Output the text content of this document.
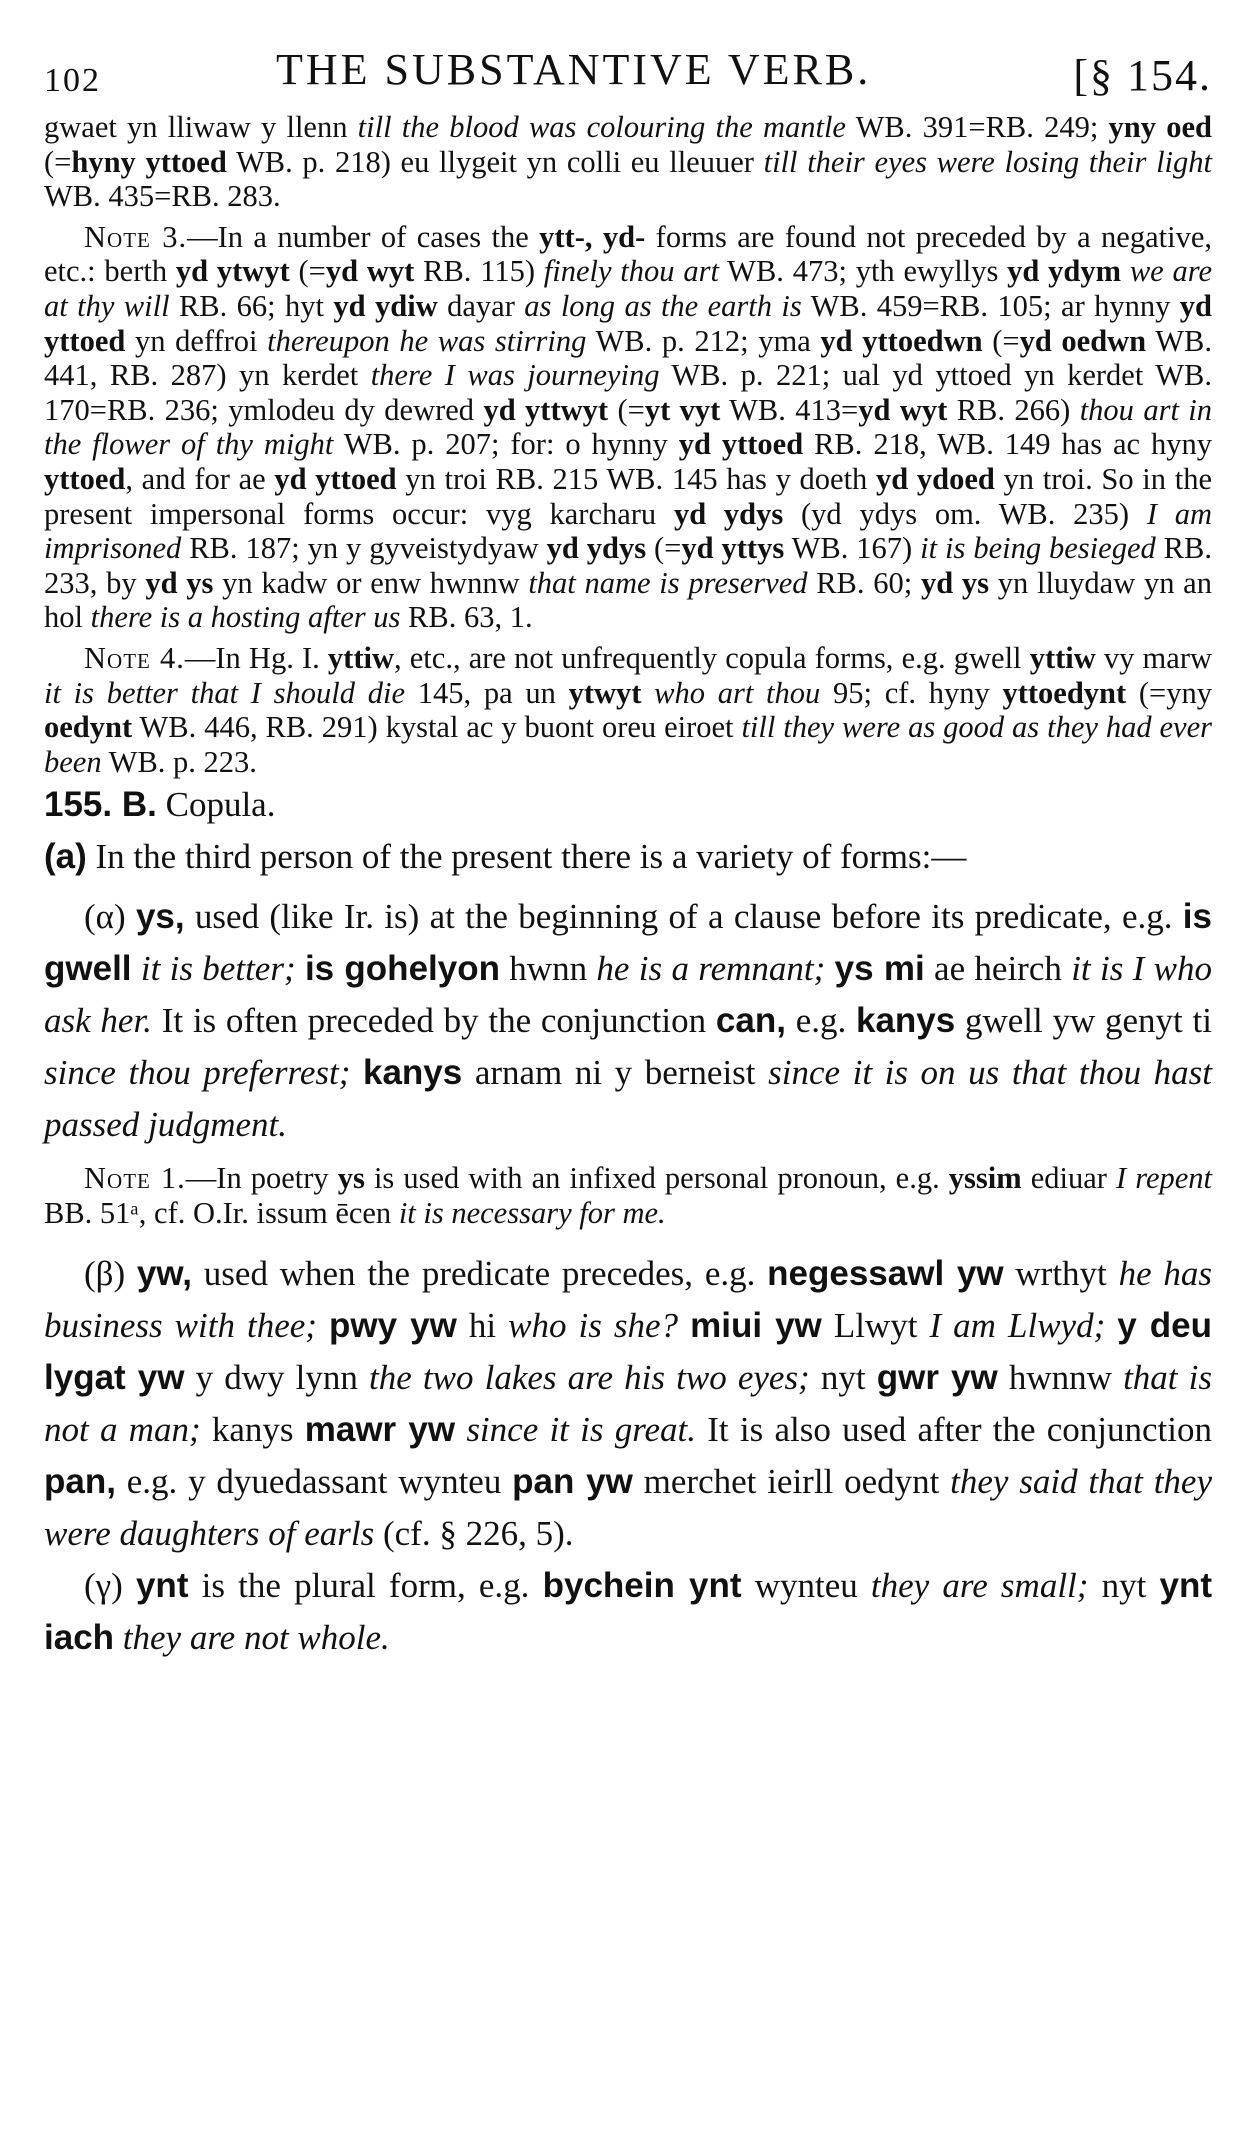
102	THE SUBSTANTIVE VERB.	[§ 154.

gwaet yn lliwaw y llenn till the blood was colouring the mantle WB. 391=RB. 249; yny oed (=hyny yttoed WB. p. 218) eu llygeit yn colli eu lleuuer till their eyes were losing their light WB. 435=RB. 283.

Note 3.—In a number of cases the ytt-, yd- forms are found not preceded by a negative, etc.: berth yd ytwyt (=yd wyt RB. 115) finely thou art WB. 473; yth ewyllys yd ydym we are at thy will RB. 66; hyt yd ydiw dayar as long as the earth is WB. 459=RB. 105; ar hynny yd yttoed yn deffroi thereupon he was stirring WB. p. 212; yma yd yttoedwn (=yd oedwn WB. 441, RB. 287) yn kerdet there I was journeying WB. p. 221; ual yd yttoed yn kerdet WB. 170=RB. 236; ymlodeu dy dewred yd yttwyt (=yt vyt WB. 413=yd wyt RB. 266) thou art in the flower of thy might WB. p. 207; for: o hynny yd yttoed RB. 218, WB. 149 has ac hyny yttoed, and for ae yd yttoed yn troi RB. 215 WB. 145 has y doeth yd ydoed yn troi. So in the present impersonal forms occur: vyg karcharu yd ydys (yd ydys om. WB. 235) I am imprisoned RB. 187; yn y gyveistydyaw yd ydys (=yd yttys WB. 167) it is being besieged RB. 233, by yd ys yn kadw or enw hwnnw that name is preserved RB. 60; yd ys yn lluydaw yn an hol there is a hosting after us RB. 63, 1.

Note 4.—In Hg. I. yttiw, etc., are not unfrequently copula forms, e.g. gwell yttiw vy marw it is better that I should die 145, pa un ytwyt who art thou 95; cf. hyny yttoedynt (=yny oedynt WB. 446, RB. 291) kystal ac y buont oreu eiroet till they were as good as they had ever been WB. p. 223.

155. B. Copula.

(a) In the third person of the present there is a variety of forms:—

(α) ys, used (like Ir. is) at the beginning of a clause before its predicate, e.g. is gwell it is better; is gohelyon hwnn he is a remnant; ys mi ae heirch it is I who ask her. It is often preceded by the conjunction can, e.g. kanys gwell yw genyt ti since thou preferrest; kanys arnam ni y berneist since it is on us that thou hast passed judgment.

Note 1.—In poetry ys is used with an infixed personal pronoun, e.g. yssim ediuar I repent BB. 51ᵃ, cf. O.Ir. issum ēcen it is necessary for me.

(β) yw, used when the predicate precedes, e.g. negessawl yw wrthyt he has business with thee; pwy yw hi who is she? miui yw Llwyt I am Llwyd; y deu lygat yw y dwy lynn the two lakes are his two eyes; nyt gwr yw hwnnw that is not a man; kanys mawr yw since it is great. It is also used after the conjunction pan, e.g. y dyuedassant wynteu pan yw merchet ieirll oedynt they said that they were daughters of earls (cf. § 226, 5).

(γ) ynt is the plural form, e.g. bychein ynt wynteu they are small; nyt ynt iach they are not whole.
